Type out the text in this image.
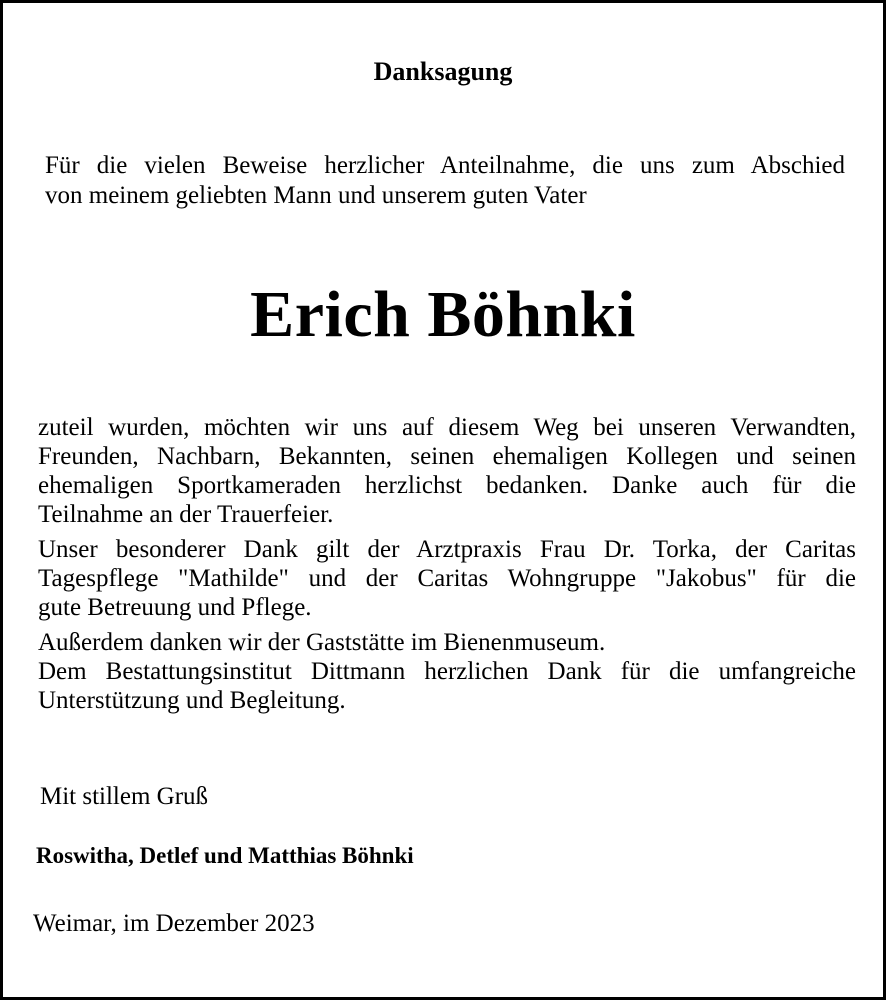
Danksagung
Für die vielen Beweise herzlicher Anteilnahme, die uns zum Abschied
von meinem geliebten Mann und unserem guten Vater
Erich Böhnki
zuteil wurden, möchten wir uns auf diesem Weg bei unseren Verwandten,
Freunden, Nachbarn, Bekannten, seinen ehemaligen Kollegen und seinen
ehemaligen Sportkameraden herzlichst bedanken. Danke auch für die
Teilnahme an der Trauerfeier.
Unser besonderer Dank gilt der Arztpraxis Frau Dr. Torka, der Caritas
Tagespflege "Mathilde" und der Caritas Wohngruppe "Jakobus" für die
gute Betreuung und Pflege.
Außerdem danken wir der Gaststätte im Bienenmuseum.
Dem Bestattungsinstitut Dittmann herzlichen Dank für die umfangreiche
Unterstützung und Begleitung.
Mit stillem Gruß
Roswitha, Detlef und Matthias Böhnki
Weimar, im Dezember 2023
